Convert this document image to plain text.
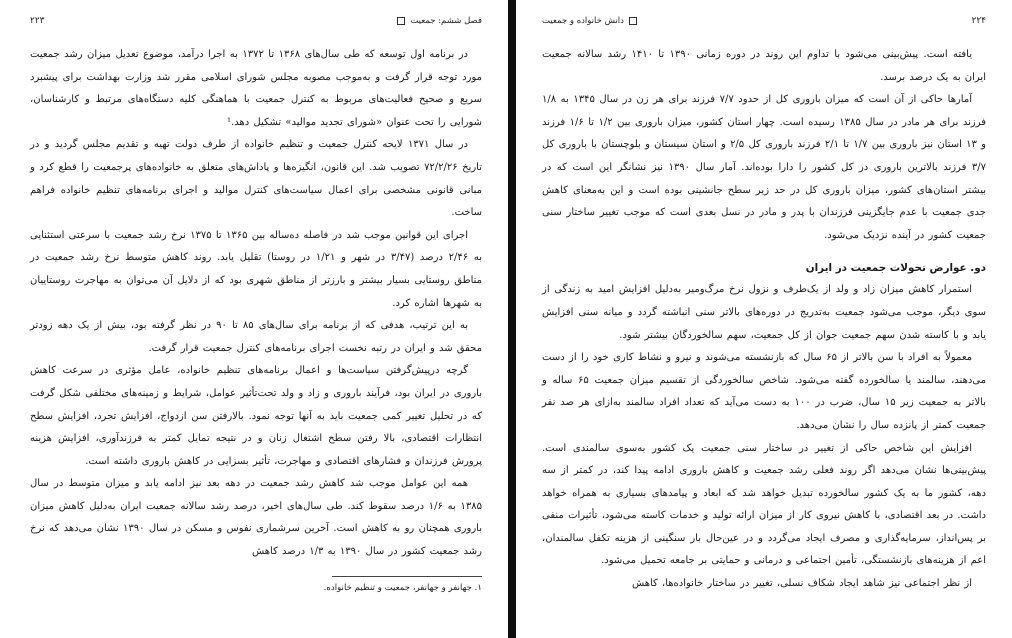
فصل ششم: جمعیت
۲۲۳

در برنامه اول توسعه که طی سال‌های ۱۳۶۸ تا ۱۳۷۲ به اجرا درآمد، موضوع تعدیل میزان رشد جمعیت مورد توجه قرار گرفت و به‌موجب مصوبه مجلس شورای اسلامی مقرر شد وزارت بهداشت برای پیشبرد سریع و صحیح فعالیت‌های مربوط به کنترل جمعیت با هماهنگی کلیه دستگاه‌های مرتبط و کارشناسان، شورایی را تحت عنوان «شورای تجدید موالید» تشکیل دهد.¹

در سال ۱۳۷۱ لایحه کنترل جمعیت و تنظیم خانواده از طرف دولت تهیه و تقدیم مجلس گردید و در تاریخ ۷۲/۲/۲۶ تصویب شد. این قانون، انگیزه‌ها و پاداش‌های متعلق به خانواده‌های پرجمعیت را قطع کرد و مبانی قانونی مشخصی برای اعمال سیاست‌های کنترل موالید و اجرای برنامه‌های تنظیم خانواده فراهم ساخت.

اجرای این قوانین موجب شد در فاصله ده‌ساله بین ۱۳۶۵ تا ۱۳۷۵ نرخ رشد جمعیت با سرعتی استثنایی به ۲/۴۶ درصد (۳/۴۷ در شهر و ۱/۲۱ در روستا) تقلیل یابد. روند کاهش متوسط نرخ رشد جمعیت در مناطق روستایی بسیار بیشتر و بارزتر از مناطق شهری بود که از دلایل آن می‌توان به مهاجرت روستاییان به شهرها اشاره کرد.

به این ترتیب، هدفی که از برنامه برای سال‌های ۸۵ تا ۹۰ در نظر گرفته بود، بیش از یک دهه زودتر محقق شد و ایران در رتبه نخست اجرای برنامه‌های کنترل جمعیت قرار گرفت.

گرچه درپیش‌گرفتن سیاست‌ها و اعمال برنامه‌های تنظیم خانواده، عامل مؤثری در سرعت کاهش باروری در ایران بود، فرآیند باروری و زاد و ولد تحت‌تأثیر عوامل، شرایط و زمینه‌های مختلفی شکل گرفت که در تحلیل تغییر کمی جمعیت باید به آنها توجه نمود. بالارفتن سن ازدواج، افزایش تجرد، افزایش سطح انتظارات اقتصادی، بالا رفتن سطح اشتغال زنان و در نتیجه تمایل کمتر به فرزندآوری، افزایش هزینه پرورش فرزندان و فشارهای اقتصادی و مهاجرت، تأثیر بسزایی در کاهش باروری داشته است.

همه این عوامل موجب شد کاهش رشد جمعیت در دهه بعد نیز ادامه یابد و میزان متوسط در سال ۱۳۸۵ به ۱/۶ درصد سقوط کند. طی سال‌های اخیر، درصد رشد سالانه جمعیت ایران به‌دلیل کاهش میزان باروری همچنان رو به کاهش است. آخرین سرشماری نفوس و مسکن در سال ۱۳۹۰ نشان می‌دهد که نرخ رشد جمعیت کشور در سال ۱۳۹۰ به ۱/۳ درصد کاهش

۱. جهانفر و جهانفر، جمعیت و تنظیم خانواده.

۲۲۴
دانش خانواده و جمعیت

یافته است. پیش‌بینی می‌شود با تداوم این روند در دوره زمانی ۱۳۹۰ تا ۱۴۱۰ رشد سالانه جمعیت ایران به یک درصد برسد.

آمارها حاکی از آن است که میزان باروری کل از حدود ۷/۷ فرزند برای هر زن در سال ۱۳۴۵ به ۱/۸ فرزند برای هر مادر در سال ۱۳۸۵ رسیده است. چهار استان کشور، میزان باروری بین ۱/۲ تا ۱/۶ فرزند و ۱۳ استان نیز باروری بین ۱/۷ تا ۲/۱ فرزند باروری کل ۲/۵ و استان سیستان و بلوچستان با باروری کل ۳/۷ فرزند بالاترین باروری در کل کشور را دارا بوده‌اند. آمار سال ۱۳۹۰ نیز نشانگر این است که در بیشتر استان‌های کشور، میزان باروری کل در حد زیر سطح جانشینی بوده است و این به‌معنای کاهش جدی جمعیت با عدم جایگزینی فرزندان با پدر و مادر در نسل بعدی است که موجب تغییر ساختار سنی جمعیت کشور در آینده نزدیک می‌شود.

دو. عوارض تحولات جمعیت در ایران

استمرار کاهش میزان زاد و ولد از یک‌طرف و نزول نرخ مرگ‌ومیر به‌دلیل افزایش امید به زندگی از سوی دیگر، موجب می‌شود جمعیت به‌تدریج در دوره‌های بالاتر سنی انباشته گردد و میانه سنی افزایش یابد و با کاسته شدن سهم جمعیت جوان از کل جمعیت، سهم سالخوردگان بیشتر شود.

معمولاً به افراد با سن بالاتر از ۶۵ سال که بازنشسته می‌شوند و نیرو و نشاط کاری خود را از دست می‌دهند، سالمند یا سالخورده گفته می‌شود. شاخص سالخوردگی از تقسیم میزان جمعیت ۶۵ ساله و بالاتر به جمعیت زیر ۱۵ سال، ضرب در ۱۰۰ به دست می‌آید که تعداد افراد سالمند به‌ازای هر صد نفر جمعیت کمتر از پانزده سال را نشان می‌دهد.

افزایش این شاخص حاکی از تغییر در ساختار سنی جمعیت یک کشور به‌سوی سالمندی است. پیش‌بینی‌ها نشان می‌دهد اگر روند فعلی رشد جمعیت و کاهش باروری ادامه پیدا کند، در کمتر از سه دهه، کشور ما به یک کشور سالخورده تبدیل خواهد شد که ابعاد و پیامدهای بسیاری به همراه خواهد داشت. در بعد اقتصادی، با کاهش نیروی کار از میزان ارائه تولید و خدمات کاسته می‌شود، تأثیرات منفی بر پس‌انداز، سرمایه‌گذاری و مصرف ایجاد می‌گردد و در عین‌حال بار سنگینی از هزینه تکفل سالمندان، اعم از هزینه‌های بازنشستگی، تأمین اجتماعی و درمانی و حمایتی بر جامعه تحمیل می‌شود.

از نظر اجتماعی نیز شاهد ایجاد شکاف نسلی، تغییر در ساختار خانواده‌ها، کاهش
